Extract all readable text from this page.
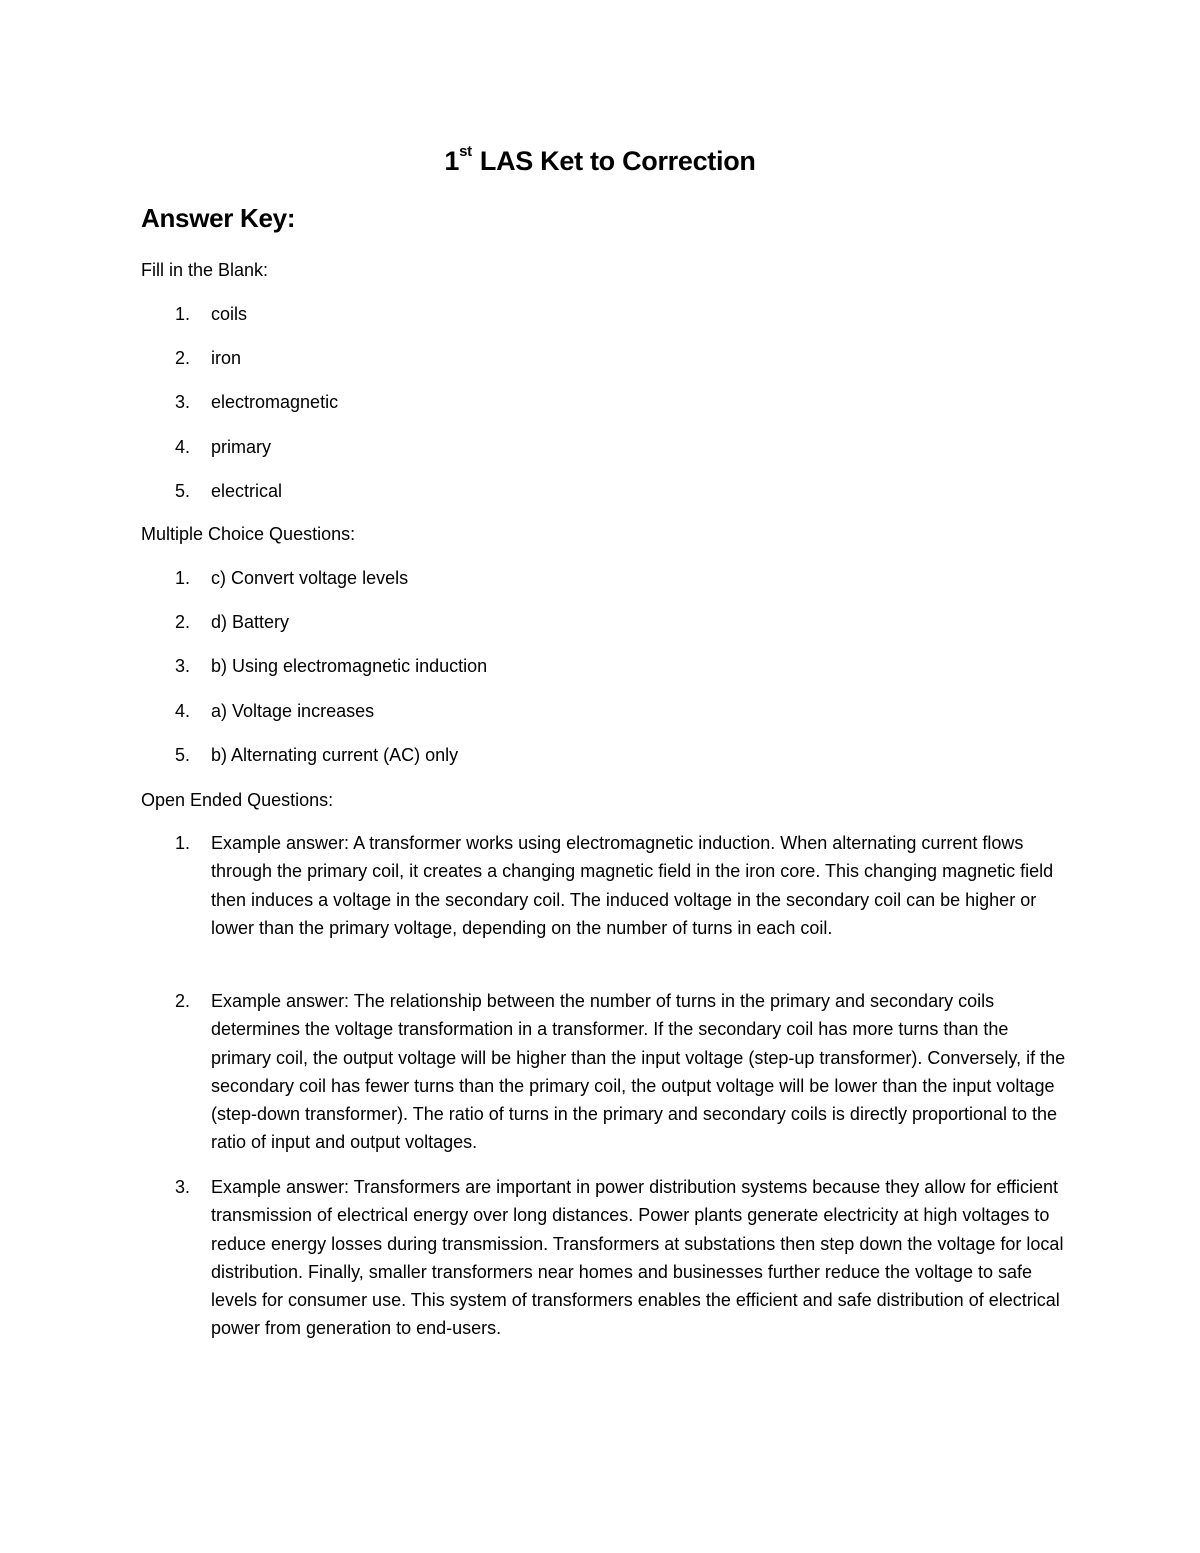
1st LAS Ket to Correction
Answer Key:
Fill in the Blank:
1.	coils
2.	iron
3.	electromagnetic
4.	primary
5.	electrical
Multiple Choice Questions:
1.	c) Convert voltage levels
2.	d) Battery
3.	b) Using electromagnetic induction
4.	a) Voltage increases
5.	b) Alternating current (AC) only
Open Ended Questions:
1.	Example answer: A transformer works using electromagnetic induction. When alternating current flows through the primary coil, it creates a changing magnetic field in the iron core. This changing magnetic field then induces a voltage in the secondary coil. The induced voltage in the secondary coil can be higher or lower than the primary voltage, depending on the number of turns in each coil.
2.	Example answer: The relationship between the number of turns in the primary and secondary coils determines the voltage transformation in a transformer. If the secondary coil has more turns than the primary coil, the output voltage will be higher than the input voltage (step-up transformer). Conversely, if the secondary coil has fewer turns than the primary coil, the output voltage will be lower than the input voltage (step-down transformer). The ratio of turns in the primary and secondary coils is directly proportional to the ratio of input and output voltages.
3.	Example answer: Transformers are important in power distribution systems because they allow for efficient transmission of electrical energy over long distances. Power plants generate electricity at high voltages to reduce energy losses during transmission. Transformers at substations then step down the voltage for local distribution. Finally, smaller transformers near homes and businesses further reduce the voltage to safe levels for consumer use. This system of transformers enables the efficient and safe distribution of electrical power from generation to end-users.
